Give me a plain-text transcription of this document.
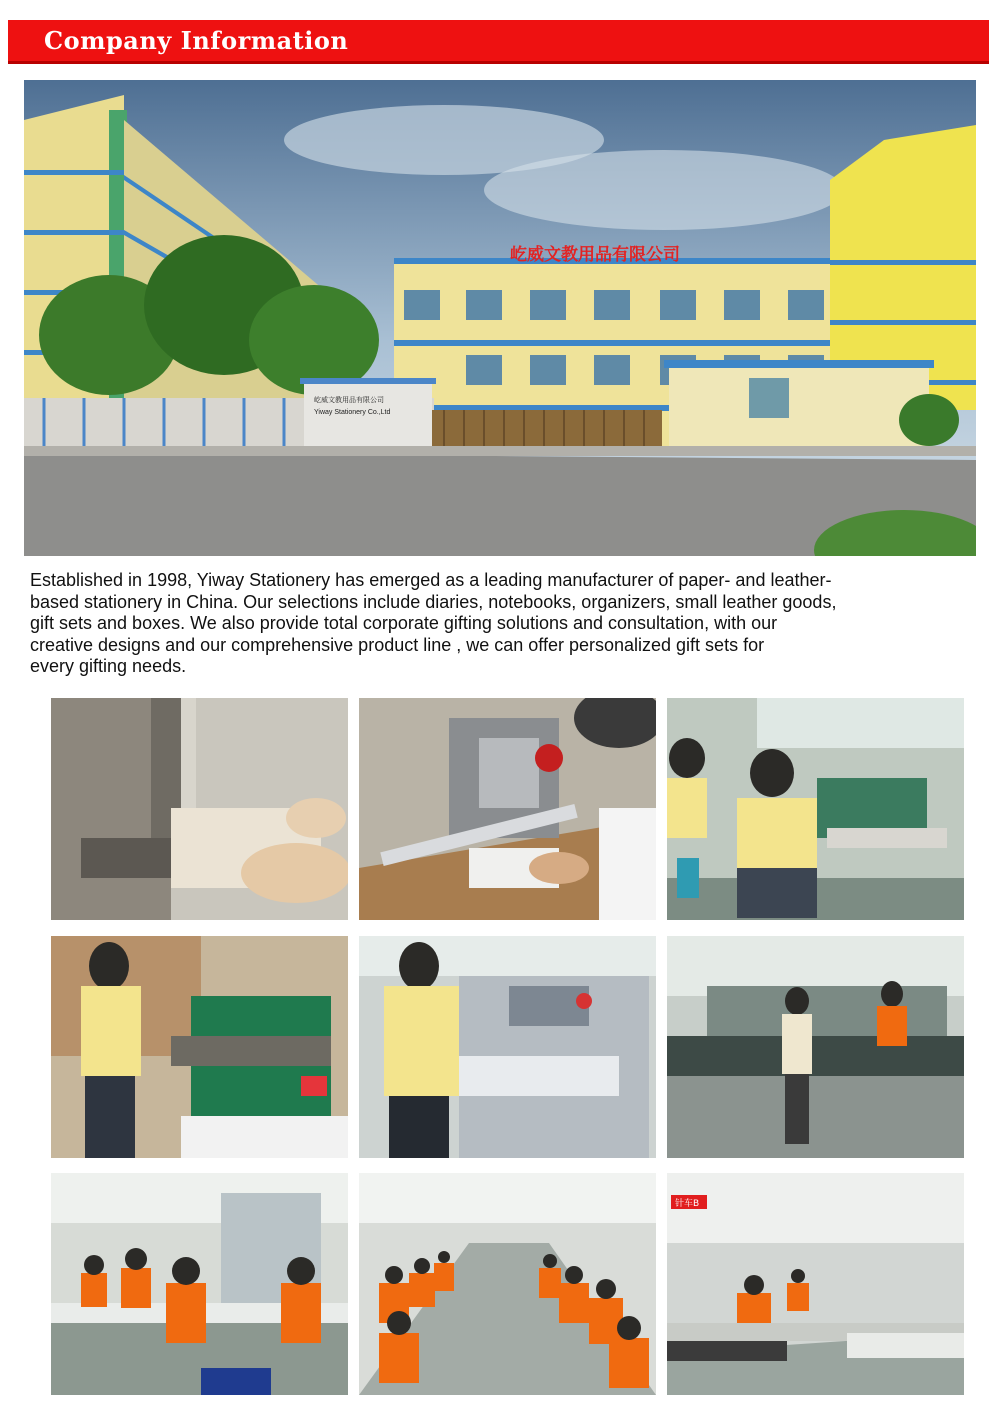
Company Information
屹威文教用品有限公司
屹威文教用品有限公司
Yiway Stationery Co.,Ltd
Established in 1998, Yiway Stationery has emerged as a leading manufacturer of paper- and leather-
based stationery in China. Our selections include diaries, notebooks, organizers, small leather goods,
gift sets and boxes. We also provide total corporate gifting solutions and consultation, with our
creative designs and our comprehensive product line , we can offer personalized gift sets for
every gifting needs.
针车B
